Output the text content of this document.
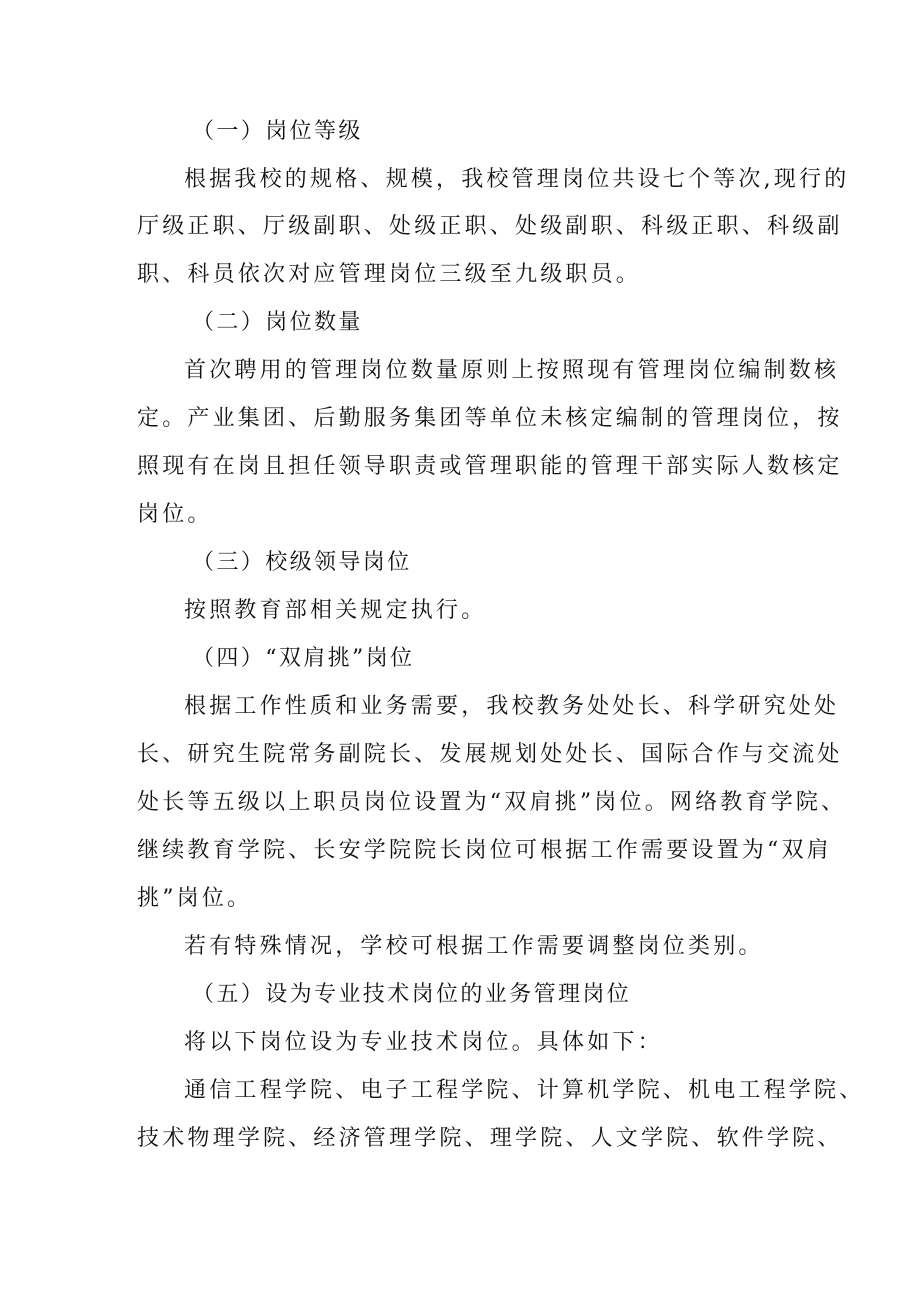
（一）岗位等级

根据我校的规格、规模，我校管理岗位共设七个等次,现行的

厅级正职、厅级副职、处级正职、处级副职、科级正职、科级副

职、科员依次对应管理岗位三级至九级职员。

（二）岗位数量

首次聘用的管理岗位数量原则上按照现有管理岗位编制数核

定。产业集团、后勤服务集团等单位未核定编制的管理岗位，按

照现有在岗且担任领导职责或管理职能的管理干部实际人数核定

岗位。

（三）校级领导岗位

按照教育部相关规定执行。

（四）“双肩挑”岗位

根据工作性质和业务需要，我校教务处处长、科学研究处处

长、研究生院常务副院长、发展规划处处长、国际合作与交流处

处长等五级以上职员岗位设置为“双肩挑”岗位。网络教育学院、

继续教育学院、长安学院院长岗位可根据工作需要设置为“双肩

挑”岗位。

若有特殊情况，学校可根据工作需要调整岗位类别。

（五）设为专业技术岗位的业务管理岗位

将以下岗位设为专业技术岗位。具体如下：

通信工程学院、电子工程学院、计算机学院、机电工程学院、

技术物理学院、经济管理学院、理学院、人文学院、软件学院、
